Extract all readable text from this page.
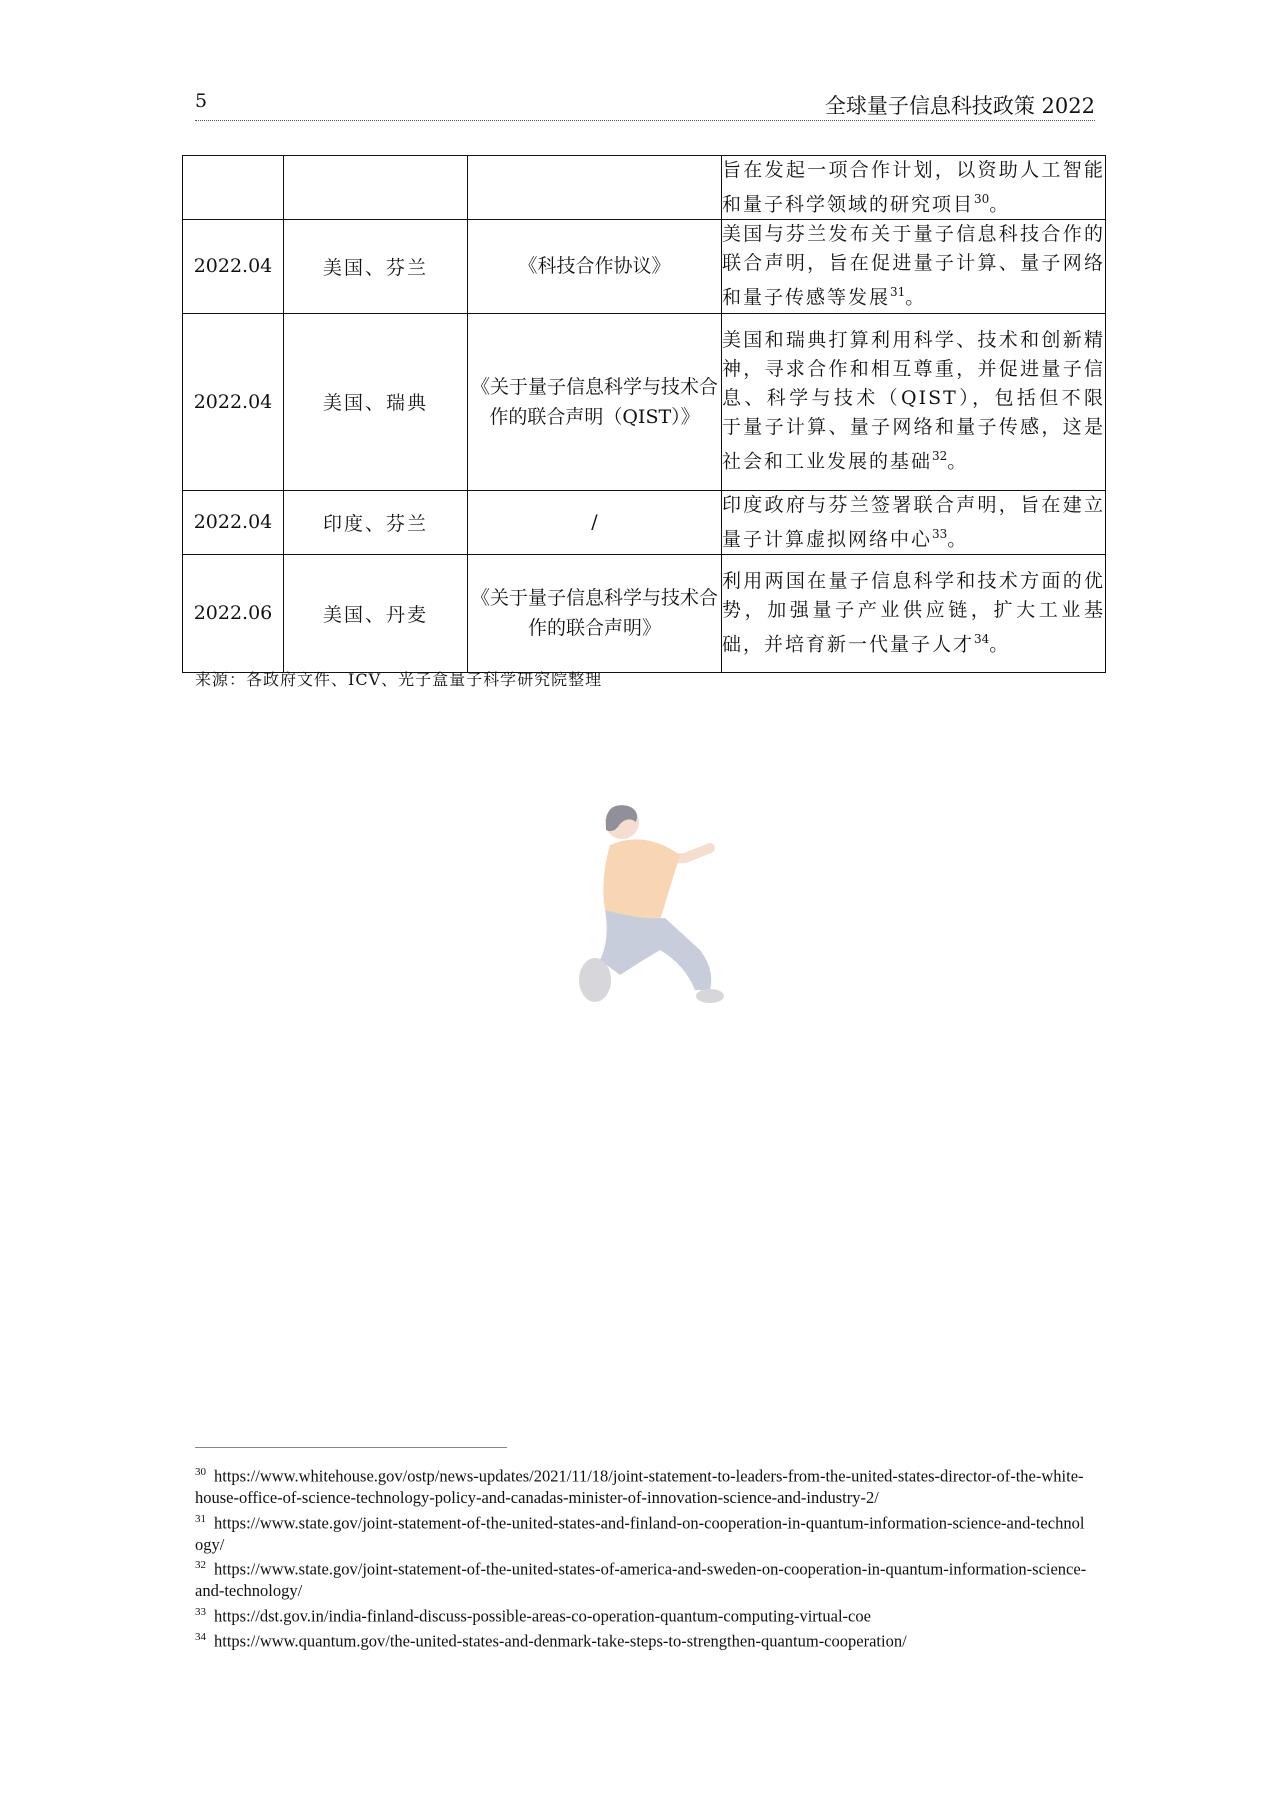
5	全球量子信息科技政策 2022
			旨在发起一项合作计划，以资助人工智能和量子科学领域的研究项目$^{30}$。
2022.04	美国、芬兰	《科技合作协议》	美国与芬兰发布关于量子信息科技合作的联合声明，旨在促进量子计算、量子网络和量子传感等发展$^{31}$。
2022.04	美国、瑞典	《关于量子信息科学与技术合作的联合声明（QIST）》	美国和瑞典打算利用科学、技术和创新精神，寻求合作和相互尊重，并促进量子信息、科学与技术（QIST），包括但不限于量子计算、量子网络和量子传感，这是社会和工业发展的基础$^{32}$。
2022.04	印度、芬兰	/	印度政府与芬兰签署联合声明，旨在建立量子计算虚拟网络中心$^{33}$。
2022.06	美国、丹麦	《关于量子信息科学与技术合作的联合声明》	利用两国在量子信息科学和技术方面的优势，加强量子产业供应链，扩大工业基础，并培育新一代量子人才$^{34}$。
来源：各政府文件、ICV、光子盒量子科学研究院整理

$^{30}$ https://www.whitehouse.gov/ostp/news-updates/2021/11/18/joint-statement-to-leaders-from-the-united-states-director-of-the-white-house-office-of-science-technology-policy-and-canadas-minister-of-innovation-science-and-industry-2/

$^{31}$ https://www.state.gov/joint-statement-of-the-united-states-and-finland-on-cooperation-in-quantum-information-science-and-technology/

$^{32}$ https://www.state.gov/joint-statement-of-the-united-states-of-america-and-sweden-on-cooperation-in-quantum-information-science-and-technology/

$^{33}$ https://dst.gov.in/india-finland-discuss-possible-areas-co-operation-quantum-computing-virtual-coe

$^{34}$ https://www.quantum.gov/the-united-states-and-denmark-take-steps-to-strengthen-quantum-cooperation/
